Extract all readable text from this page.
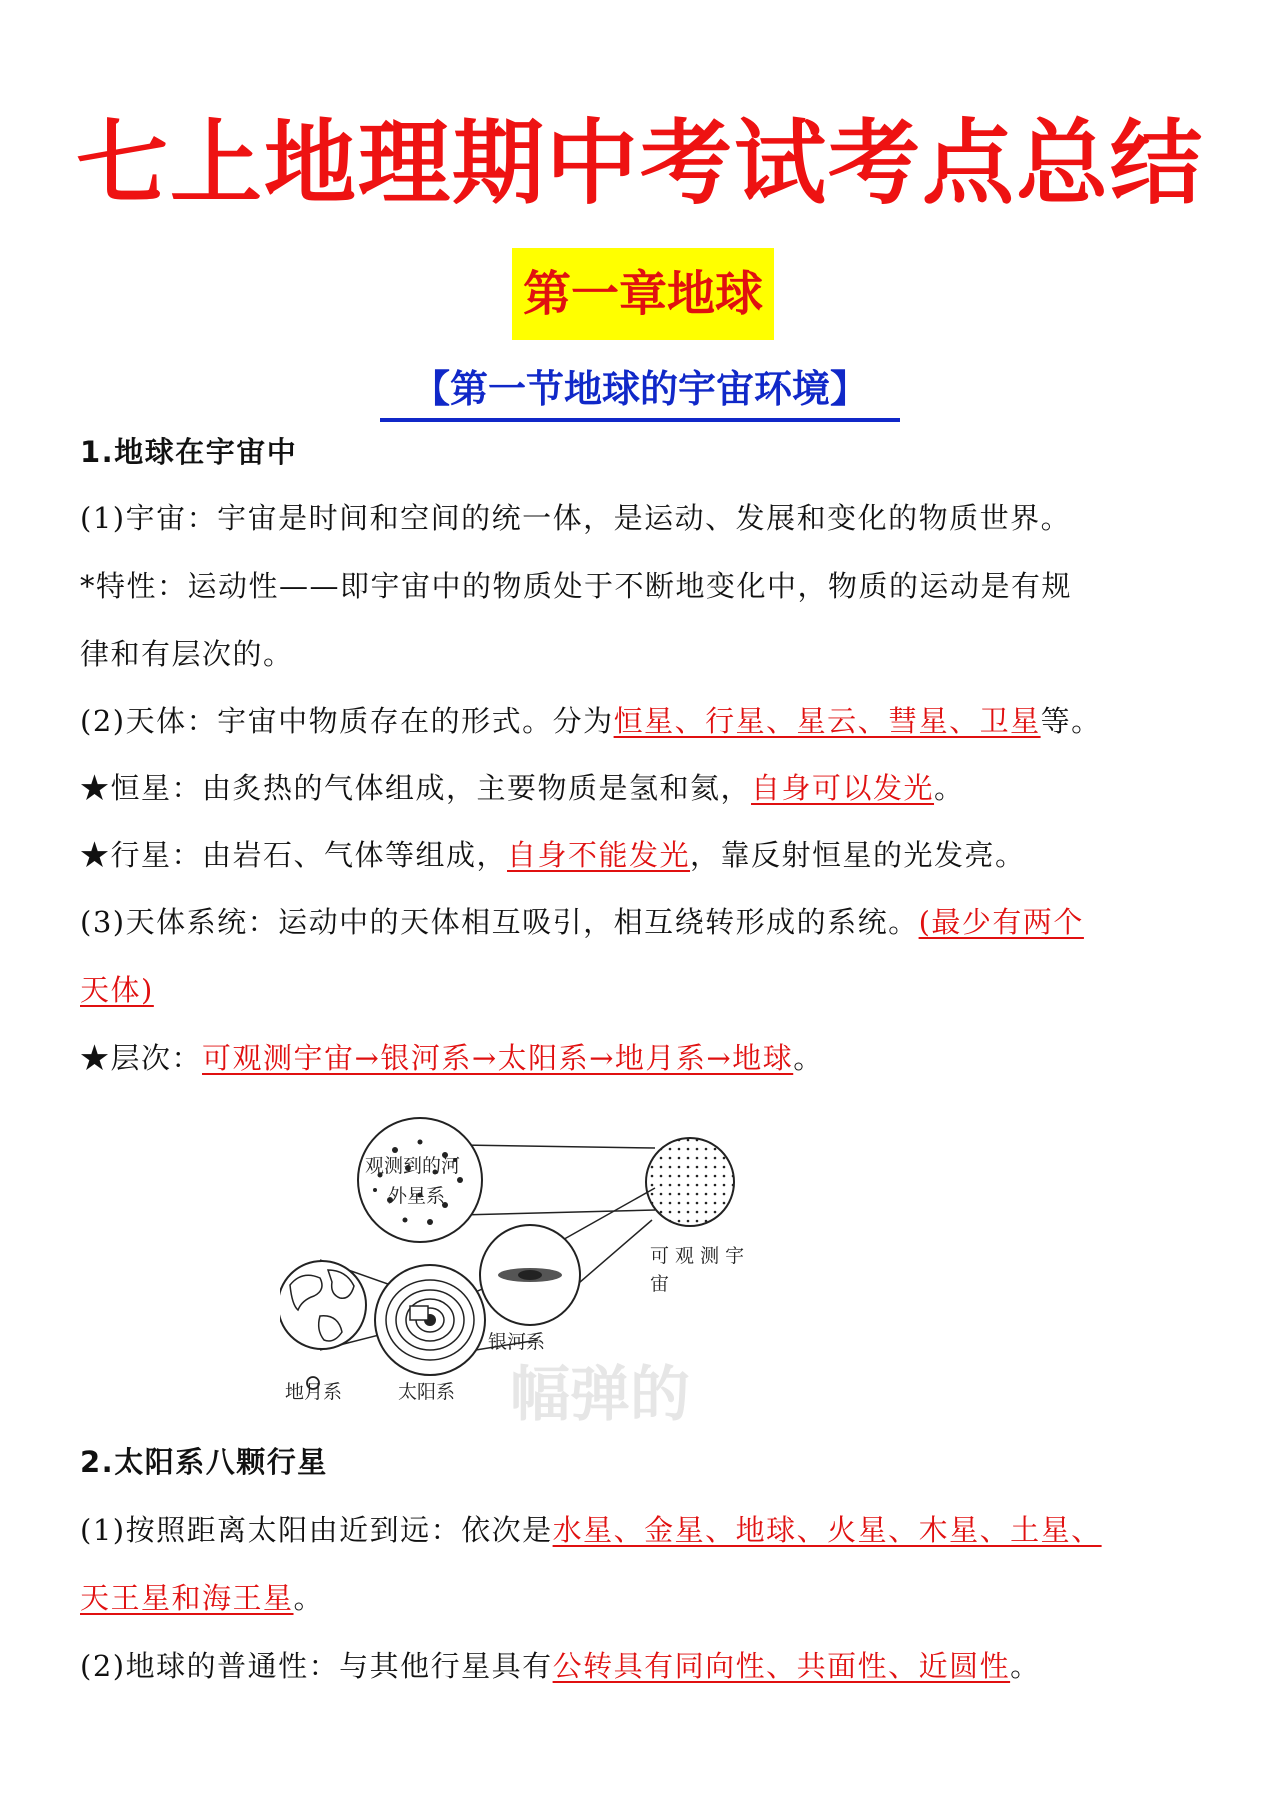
七上地理期中考试考点总结
第一章地球
【第一节地球的宇宙环境】
1.地球在宇宙中
(1)宇宙：宇宙是时间和空间的统一体，是运动、发展和变化的物质世界。
*特性：运动性——即宇宙中的物质处于不断地变化中，物质的运动是有规
律和有层次的。
(2)天体：宇宙中物质存在的形式。分为恒星、行星、星云、彗星、卫星等。
★恒星：由炙热的气体组成，主要物质是氢和氦，自身可以发光。
★行星：由岩石、气体等组成，自身不能发光，靠反射恒星的光发亮。
(3)天体系统：运动中的天体相互吸引，相互绕转形成的系统。(最少有两个
天体)
★层次：可观测宇宙→银河系→太阳系→地月系→地球。
幅弹的
观测到的河
外星系
可 观 测 宇
宙
银河系
地月系	太阳系
2.太阳系八颗行星
(1)按照距离太阳由近到远：依次是水星、金星、地球、火星、木星、土星、
天王星和海王星。
(2)地球的普通性：与其他行星具有公转具有同向性、共面性、近圆性。
